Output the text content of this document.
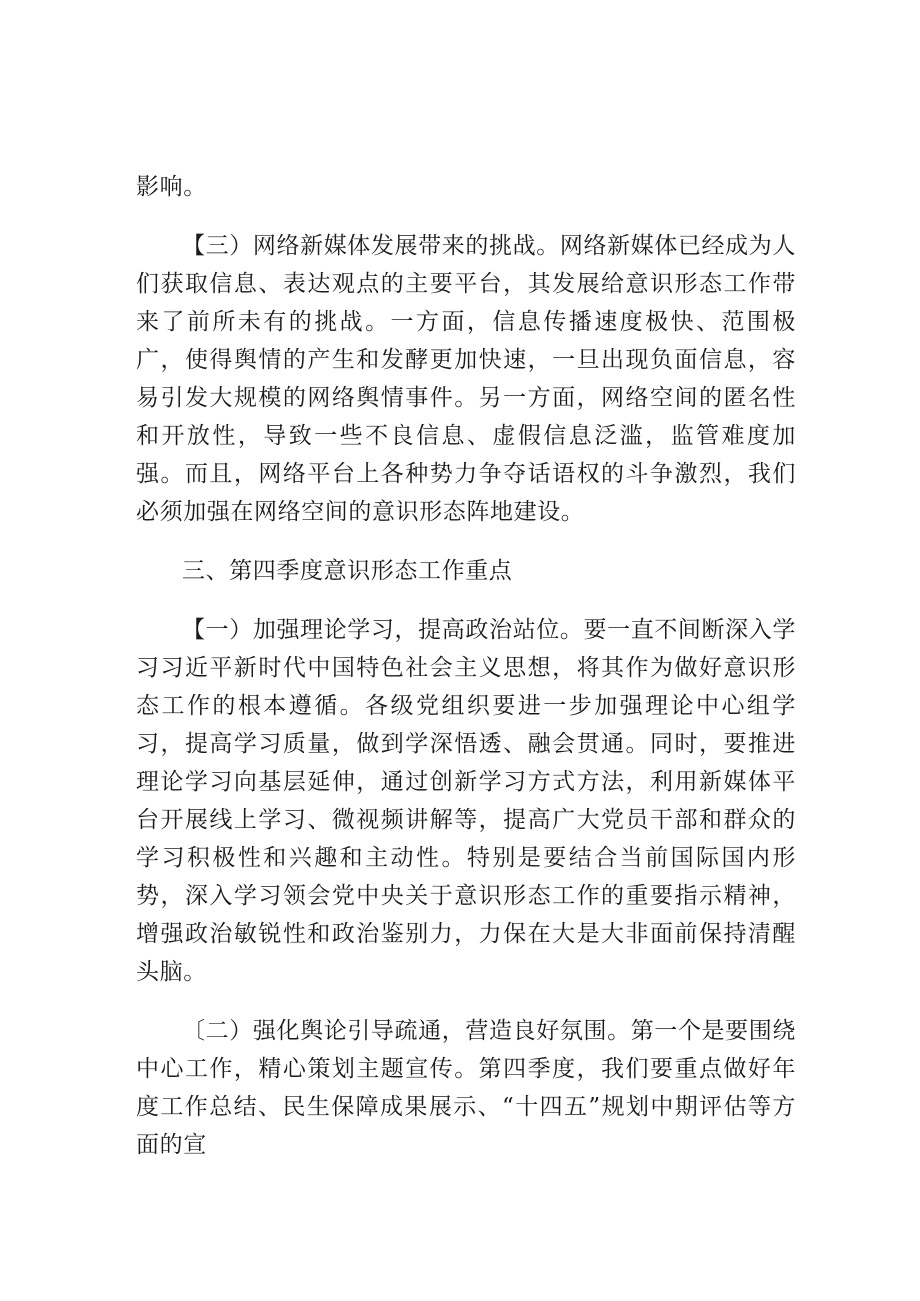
影响。

【三）网络新媒体发展带来的挑战。网络新媒体已经成为人们获取信息、表达观点的主要平台，其发展给意识形态工作带来了前所未有的挑战。一方面，信息传播速度极快、范围极广，使得舆情的产生和发酵更加快速，一旦出现负面信息，容易引发大规模的网络舆情事件。另一方面，网络空间的匿名性和开放性，导致一些不良信息、虚假信息泛滥，监管难度加强。而且，网络平台上各种势力争夺话语权的斗争激烈，我们必须加强在网络空间的意识形态阵地建设。

三、第四季度意识形态工作重点

【一）加强理论学习，提高政治站位。要一直不间断深入学习习近平新时代中国特色社会主义思想，将其作为做好意识形态工作的根本遵循。各级党组织要进一步加强理论中心组学习，提高学习质量，做到学深悟透、融会贯通。同时，要推进理论学习向基层延伸，通过创新学习方式方法，利用新媒体平台开展线上学习、微视频讲解等，提高广大党员干部和群众的学习积极性和兴趣和主动性。特别是要结合当前国际国内形势，深入学习领会党中央关于意识形态工作的重要指示精神，增强政治敏锐性和政治鉴别力，力保在大是大非面前保持清醒头脑。

〔二）强化舆论引导疏通，营造良好氛围。第一个是要围绕中心工作，精心策划主题宣传。第四季度，我们要重点做好年度工作总结、民生保障成果展示、“十四五”规划中期评估等方面的宣
